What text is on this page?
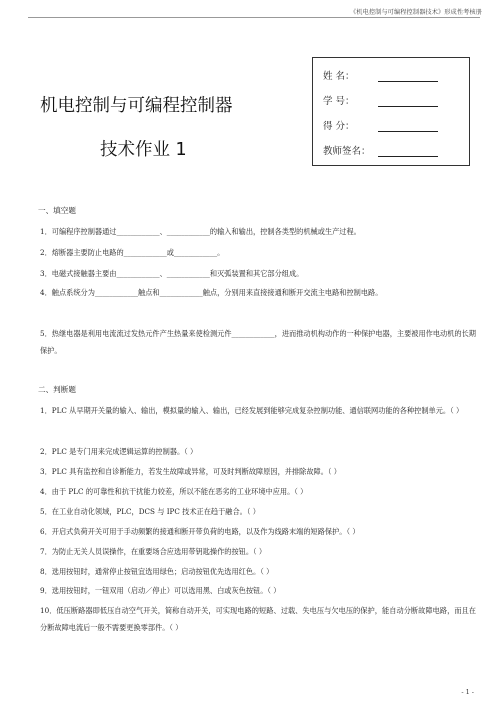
《机电控制与可编程控制器技术》形成性考核册
机电控制与可编程控制器
技术作业 1
姓 名：
学 号：
得 分：
教师签名：
一、填空题
1．可编程序控制器通过____________、____________的输入和输出，控制各类型的机械或生产过程。
2．熔断器主要防止电路的____________或____________。
3．电磁式接触器主要由____________、____________和灭弧装置和其它部分组成。
4．触点系统分为____________触点和____________触点，分别用来直接接通和断开交流主电路和控制电路。
5．热继电器是利用电流流过发热元件产生热量来使检测元件____________，进而推动机构动作的一种保护电器，主要被用作电动机的长期保护。
二、判断题
1．PLC 从早期开关量的输入、输出，模拟量的输入、输出，已经发展到能够完成复杂控制功能、通信联网功能的各种控制单元。（ ）
2．PLC 是专门用来完成逻辑运算的控制器。（ ）
3．PLC 具有监控和自诊断能力，若发生故障或异常，可及时判断故障原因，并排除故障。（ ）
4．由于 PLC 的可靠性和抗干扰能力较差，所以不能在恶劣的工业环境中应用。（ ）
5．在工业自动化领域，PLC，DCS 与 IPC 技术正在趋于融合。（ ）
6．开启式负荷开关可用于手动频繁的接通和断开带负荷的电路，以及作为线路末端的短路保护。（ ）
7．为防止无关人员误操作，在重要场合应选用带钥匙操作的按钮。（ ）
8．选用按钮时，通常停止按钮宜选用绿色；启动按钮优先选用红色。（ ）
9．选用按钮时，一钮双用（启动／停止）可以选用黑、白或灰色按钮。（ ）
10．低压断路器即低压自动空气开关，简称自动开关，可实现电路的短路、过载、失电压与欠电压的保护，能自动分断故障电路，而且在分断故障电流后一般不需要更换零部件。（ ）
- 1 -
